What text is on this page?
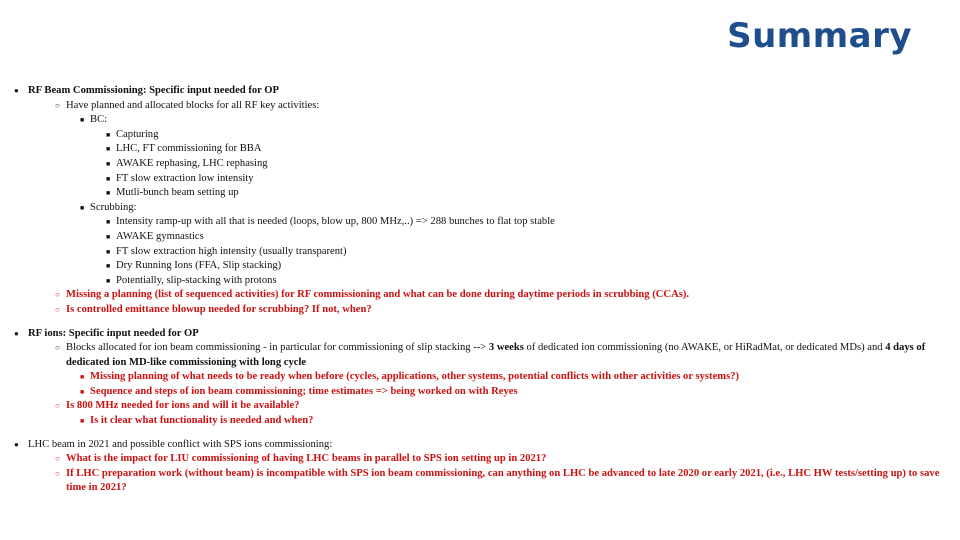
Summary
● RF Beam Commissioning: Specific input needed for OP
○ Have planned and allocated blocks for all RF key activities:
■ BC:
■ Capturing
■ LHC, FT commissioning for BBA
■ AWAKE rephasing, LHC rephasing
■ FT slow extraction low intensity
■ Mutli-bunch beam setting up
■ Scrubbing:
■ Intensity ramp-up with all that is needed (loops, blow up, 800 MHz,..) => 288 bunches to flat top stable
■ AWAKE gymnastics
■ FT slow extraction high intensity (usually transparent)
■ Dry Running Ions (FFA, Slip stacking)
■ Potentially, slip-stacking with protons
○ Missing a planning (list of sequenced activities) for RF commissioning and what can be done during daytime periods in scrubbing (CCAs).
○ Is controlled emittance blowup needed for scrubbing? If not, when?
● RF ions: Specific input needed for OP
○ Blocks allocated for ion beam commissioning - in particular for commissioning of slip stacking --> 3 weeks of dedicated ion commissioning (no AWAKE, or HiRadMat, or dedicated MDs) and 4 days of dedicated ion MD-like commissioning with long cycle
■ Missing planning of what needs to be ready when before (cycles, applications, other systems, potential conflicts with other activities or systems?)
■ Sequence and steps of ion beam commissioning; time estimates => being worked on with Reyes
○ Is 800 MHz needed for ions and will it be available?
■ Is it clear what functionality is needed and when?
● LHC beam in 2021 and possible conflict with SPS ions commissioning:
○ What is the impact for LIU commissioning of having LHC beams in parallel to SPS ion setting up in 2021?
○ If LHC preparation work (without beam) is incompatible with SPS ion beam commissioning, can anything on LHC be advanced to late 2020 or early 2021, (i.e., LHC HW tests/setting up) to save time in 2021?
